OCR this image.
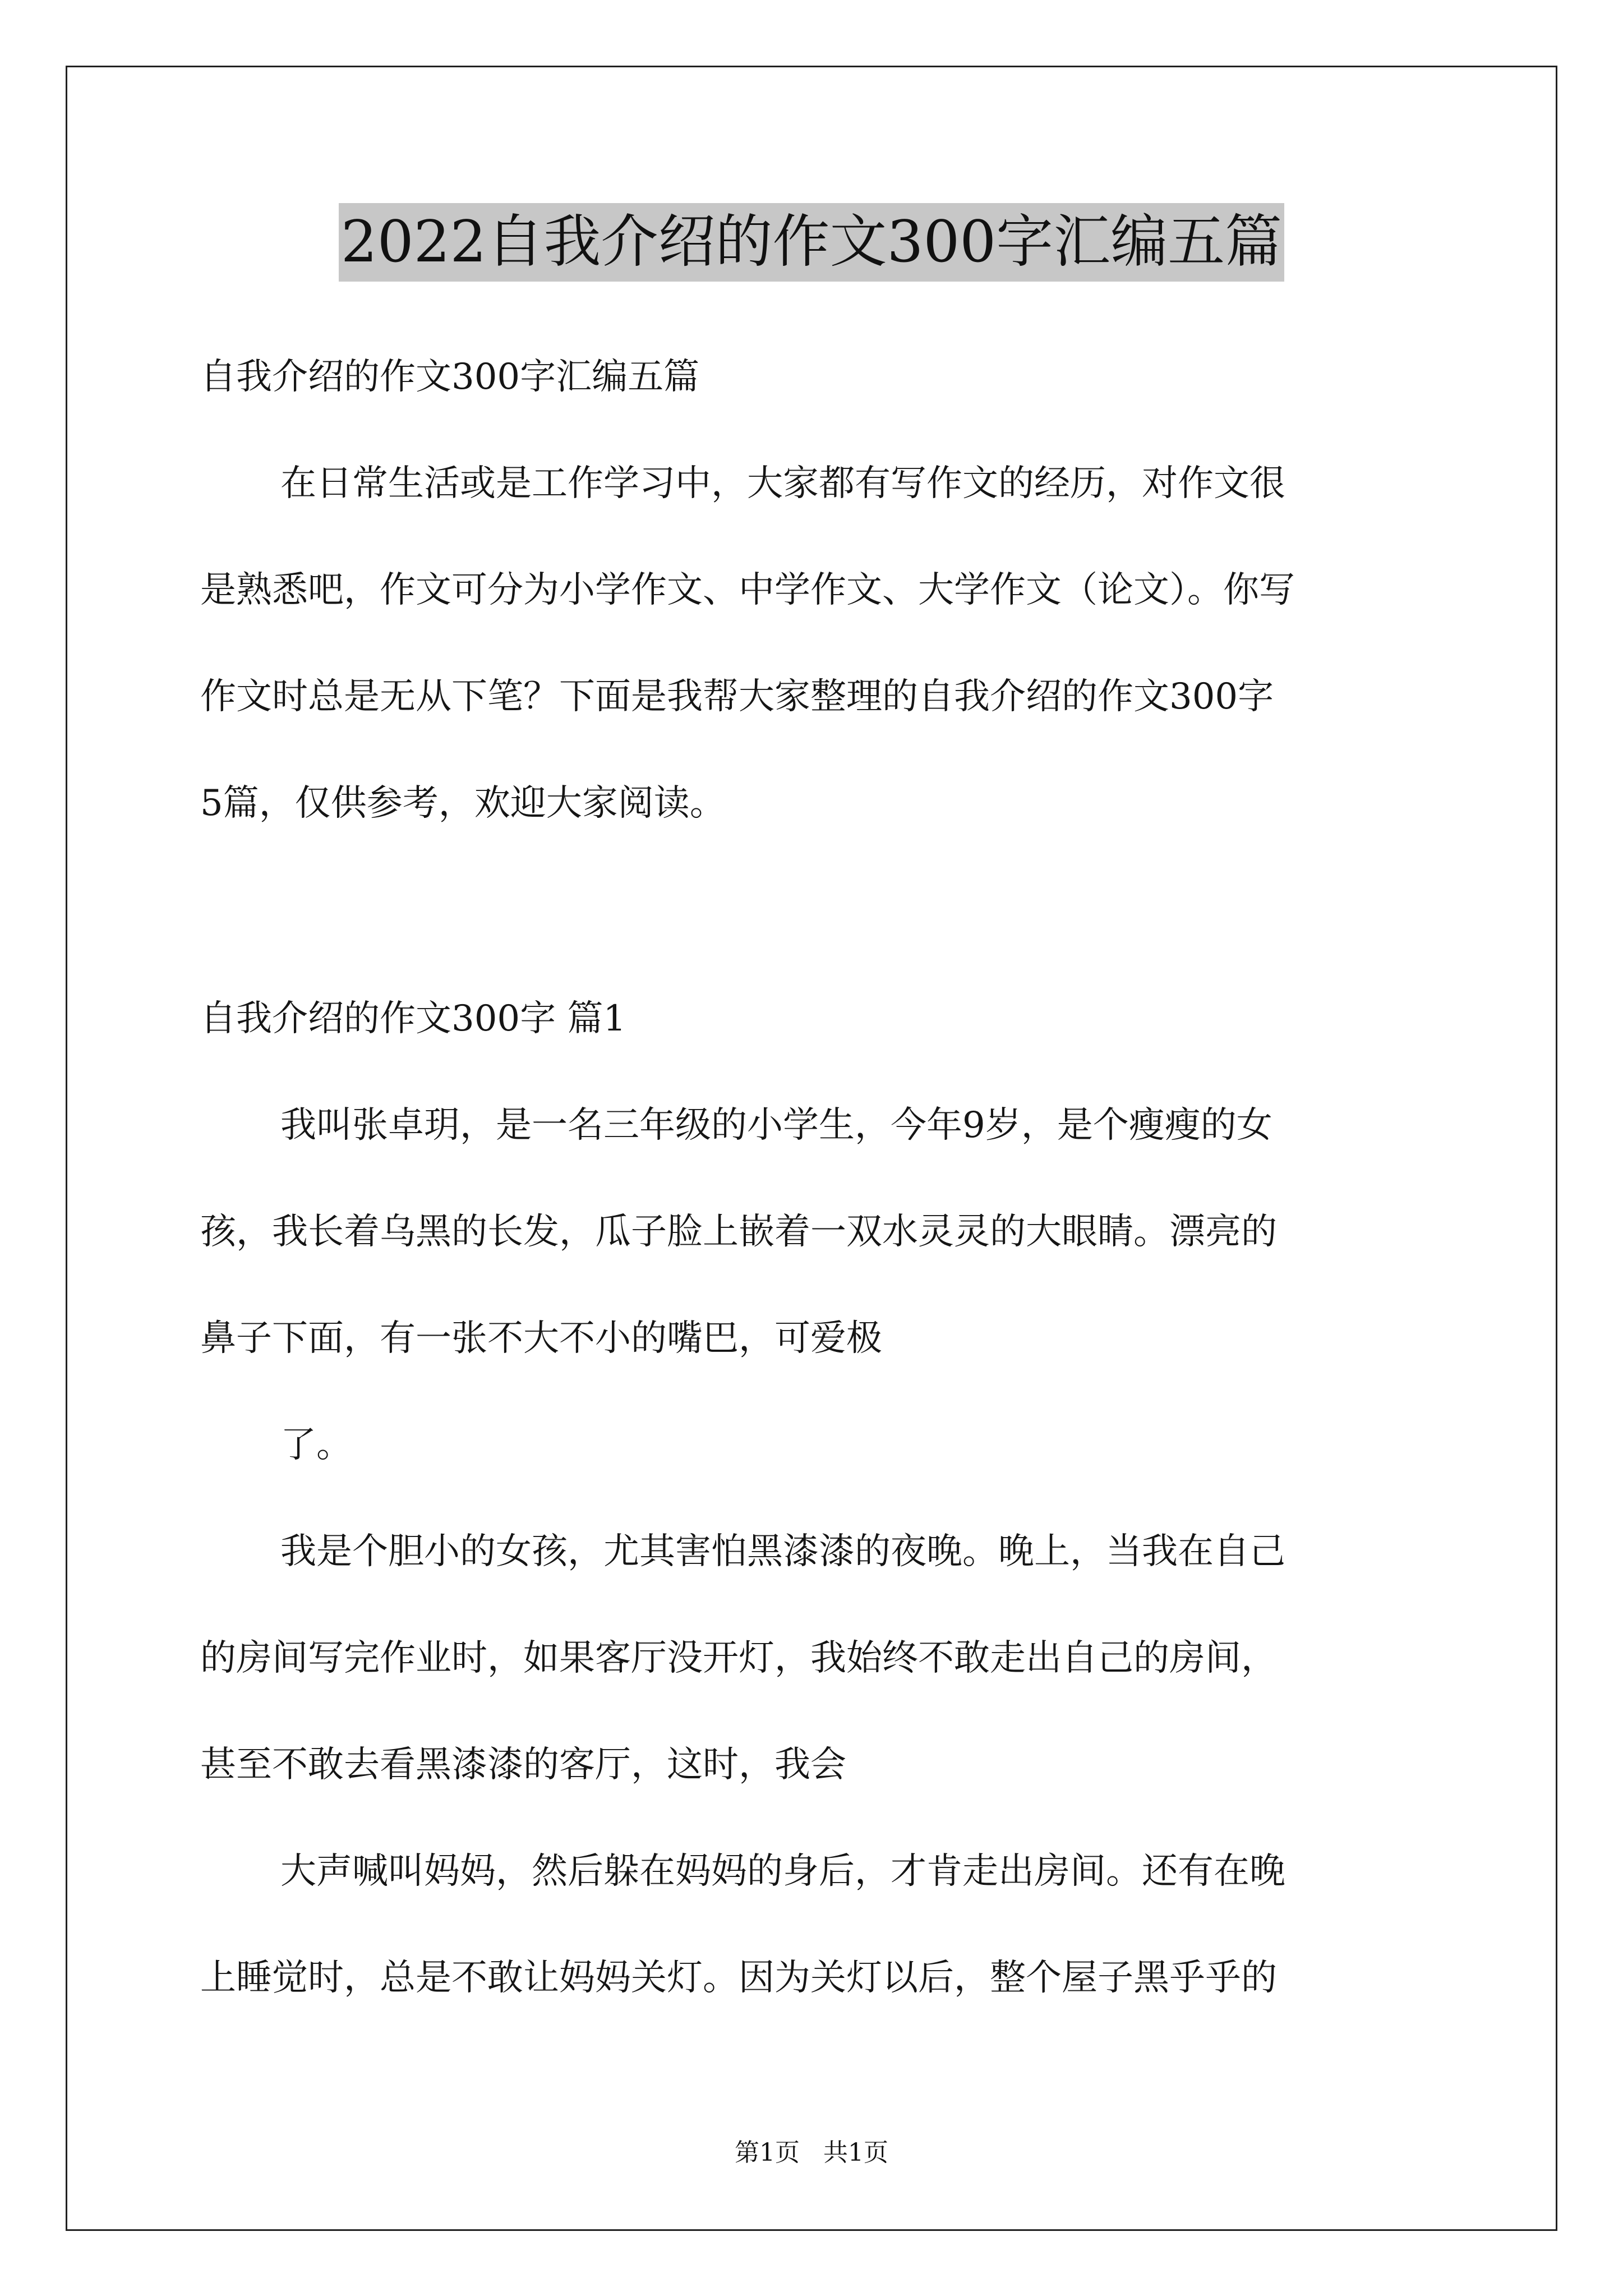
2022自我介绍的作文300字汇编五篇

自我介绍的作文300字汇编五篇

在日常生活或是工作学习中，大家都有写作文的经历，对作文很

是熟悉吧，作文可分为小学作文、中学作文、大学作文（论文）。你写

作文时总是无从下笔？下面是我帮大家整理的自我介绍的作文300字

5篇，仅供参考，欢迎大家阅读。

自我介绍的作文300字 篇1

我叫张卓玥，是一名三年级的小学生，今年9岁，是个瘦瘦的女

孩，我长着乌黑的长发，瓜子脸上嵌着一双水灵灵的大眼睛。漂亮的

鼻子下面，有一张不大不小的嘴巴，可爱极

了。

我是个胆小的女孩，尤其害怕黑漆漆的夜晚。晚上，当我在自己

的房间写完作业时，如果客厅没开灯，我始终不敢走出自己的房间，

甚至不敢去看黑漆漆的客厅，这时，我会

大声喊叫妈妈，然后躲在妈妈的身后，才肯走出房间。还有在晚

上睡觉时，总是不敢让妈妈关灯。因为关灯以后，整个屋子黑乎乎的

第1页   共1页
